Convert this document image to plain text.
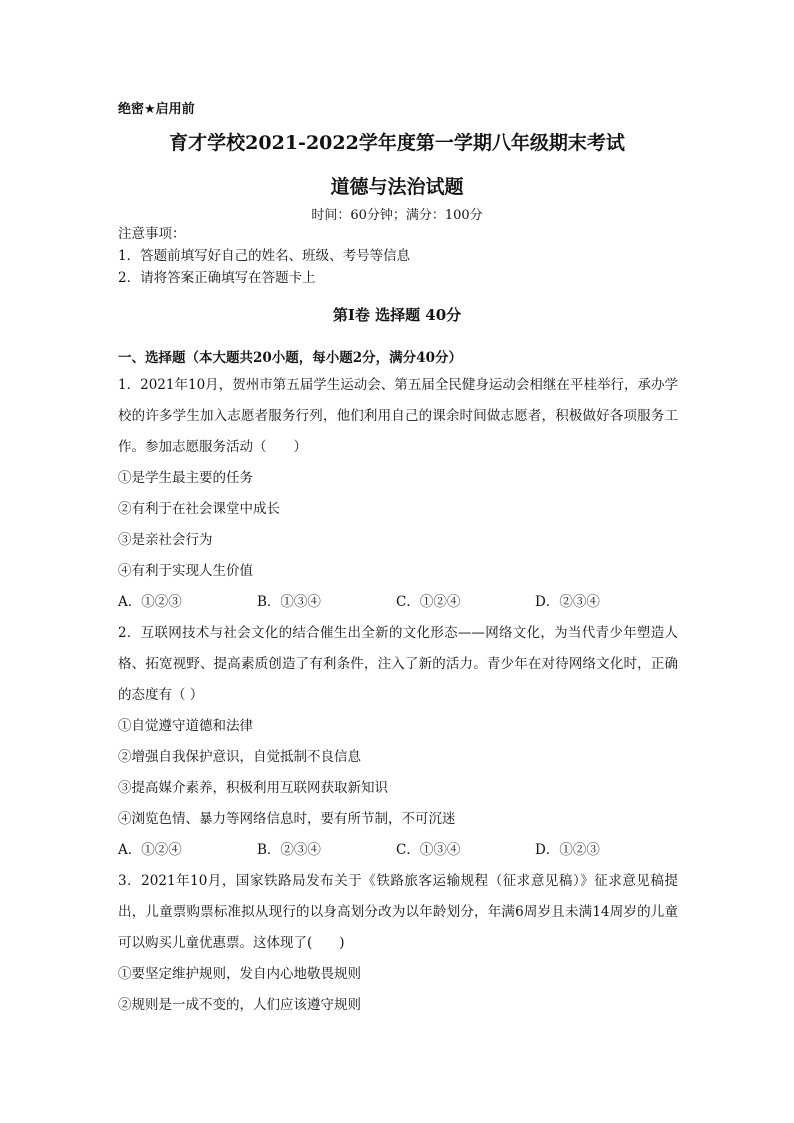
绝密★启用前
育才学校2021-2022学年度第一学期八年级期末考试
道德与法治试题
时间：60分钟；满分：100分
注意事项：
1．答题前填写好自己的姓名、班级、考号等信息
2．请将答案正确填写在答题卡上
第I卷 选择题 40分
一、选择题（本大题共20小题，每小题2分，满分40分）

1．2021年10月，贺州市第五届学生运动会、第五届全民健身运动会相继在平桂举行，承办学校的许多学生加入志愿者服务行列，他们利用自己的课余时间做志愿者，积极做好各项服务工作。参加志愿服务活动（　　）

①是学生最主要的任务

②有利于在社会课堂中成长

③是亲社会行为

④有利于实现人生价值

A．①②③	B．①③④	C．①②④	D．②③④

2．互联网技术与社会文化的结合催生出全新的文化形态——网络文化，为当代青少年塑造人格、拓宽视野、提高素质创造了有利条件，注入了新的活力。青少年在对待网络文化时，正确的态度有（ ）

①自觉遵守道德和法律

②增强自我保护意识，自觉抵制不良信息

③提高媒介素养，积极利用互联网获取新知识

④浏览色情、暴力等网络信息时，要有所节制，不可沉迷

A．①②④	B．②③④	C．①③④	D．①②③

3．2021年10月，国家铁路局发布关于《铁路旅客运输规程（征求意见稿）》征求意见稿提出，儿童票购票标准拟从现行的以身高划分改为以年龄划分，年满6周岁且未满14周岁的儿童可以购买儿童优惠票。这体现了(　　)

①要坚定维护规则，发自内心地敬畏规则

②规则是一成不变的，人们应该遵守规则
